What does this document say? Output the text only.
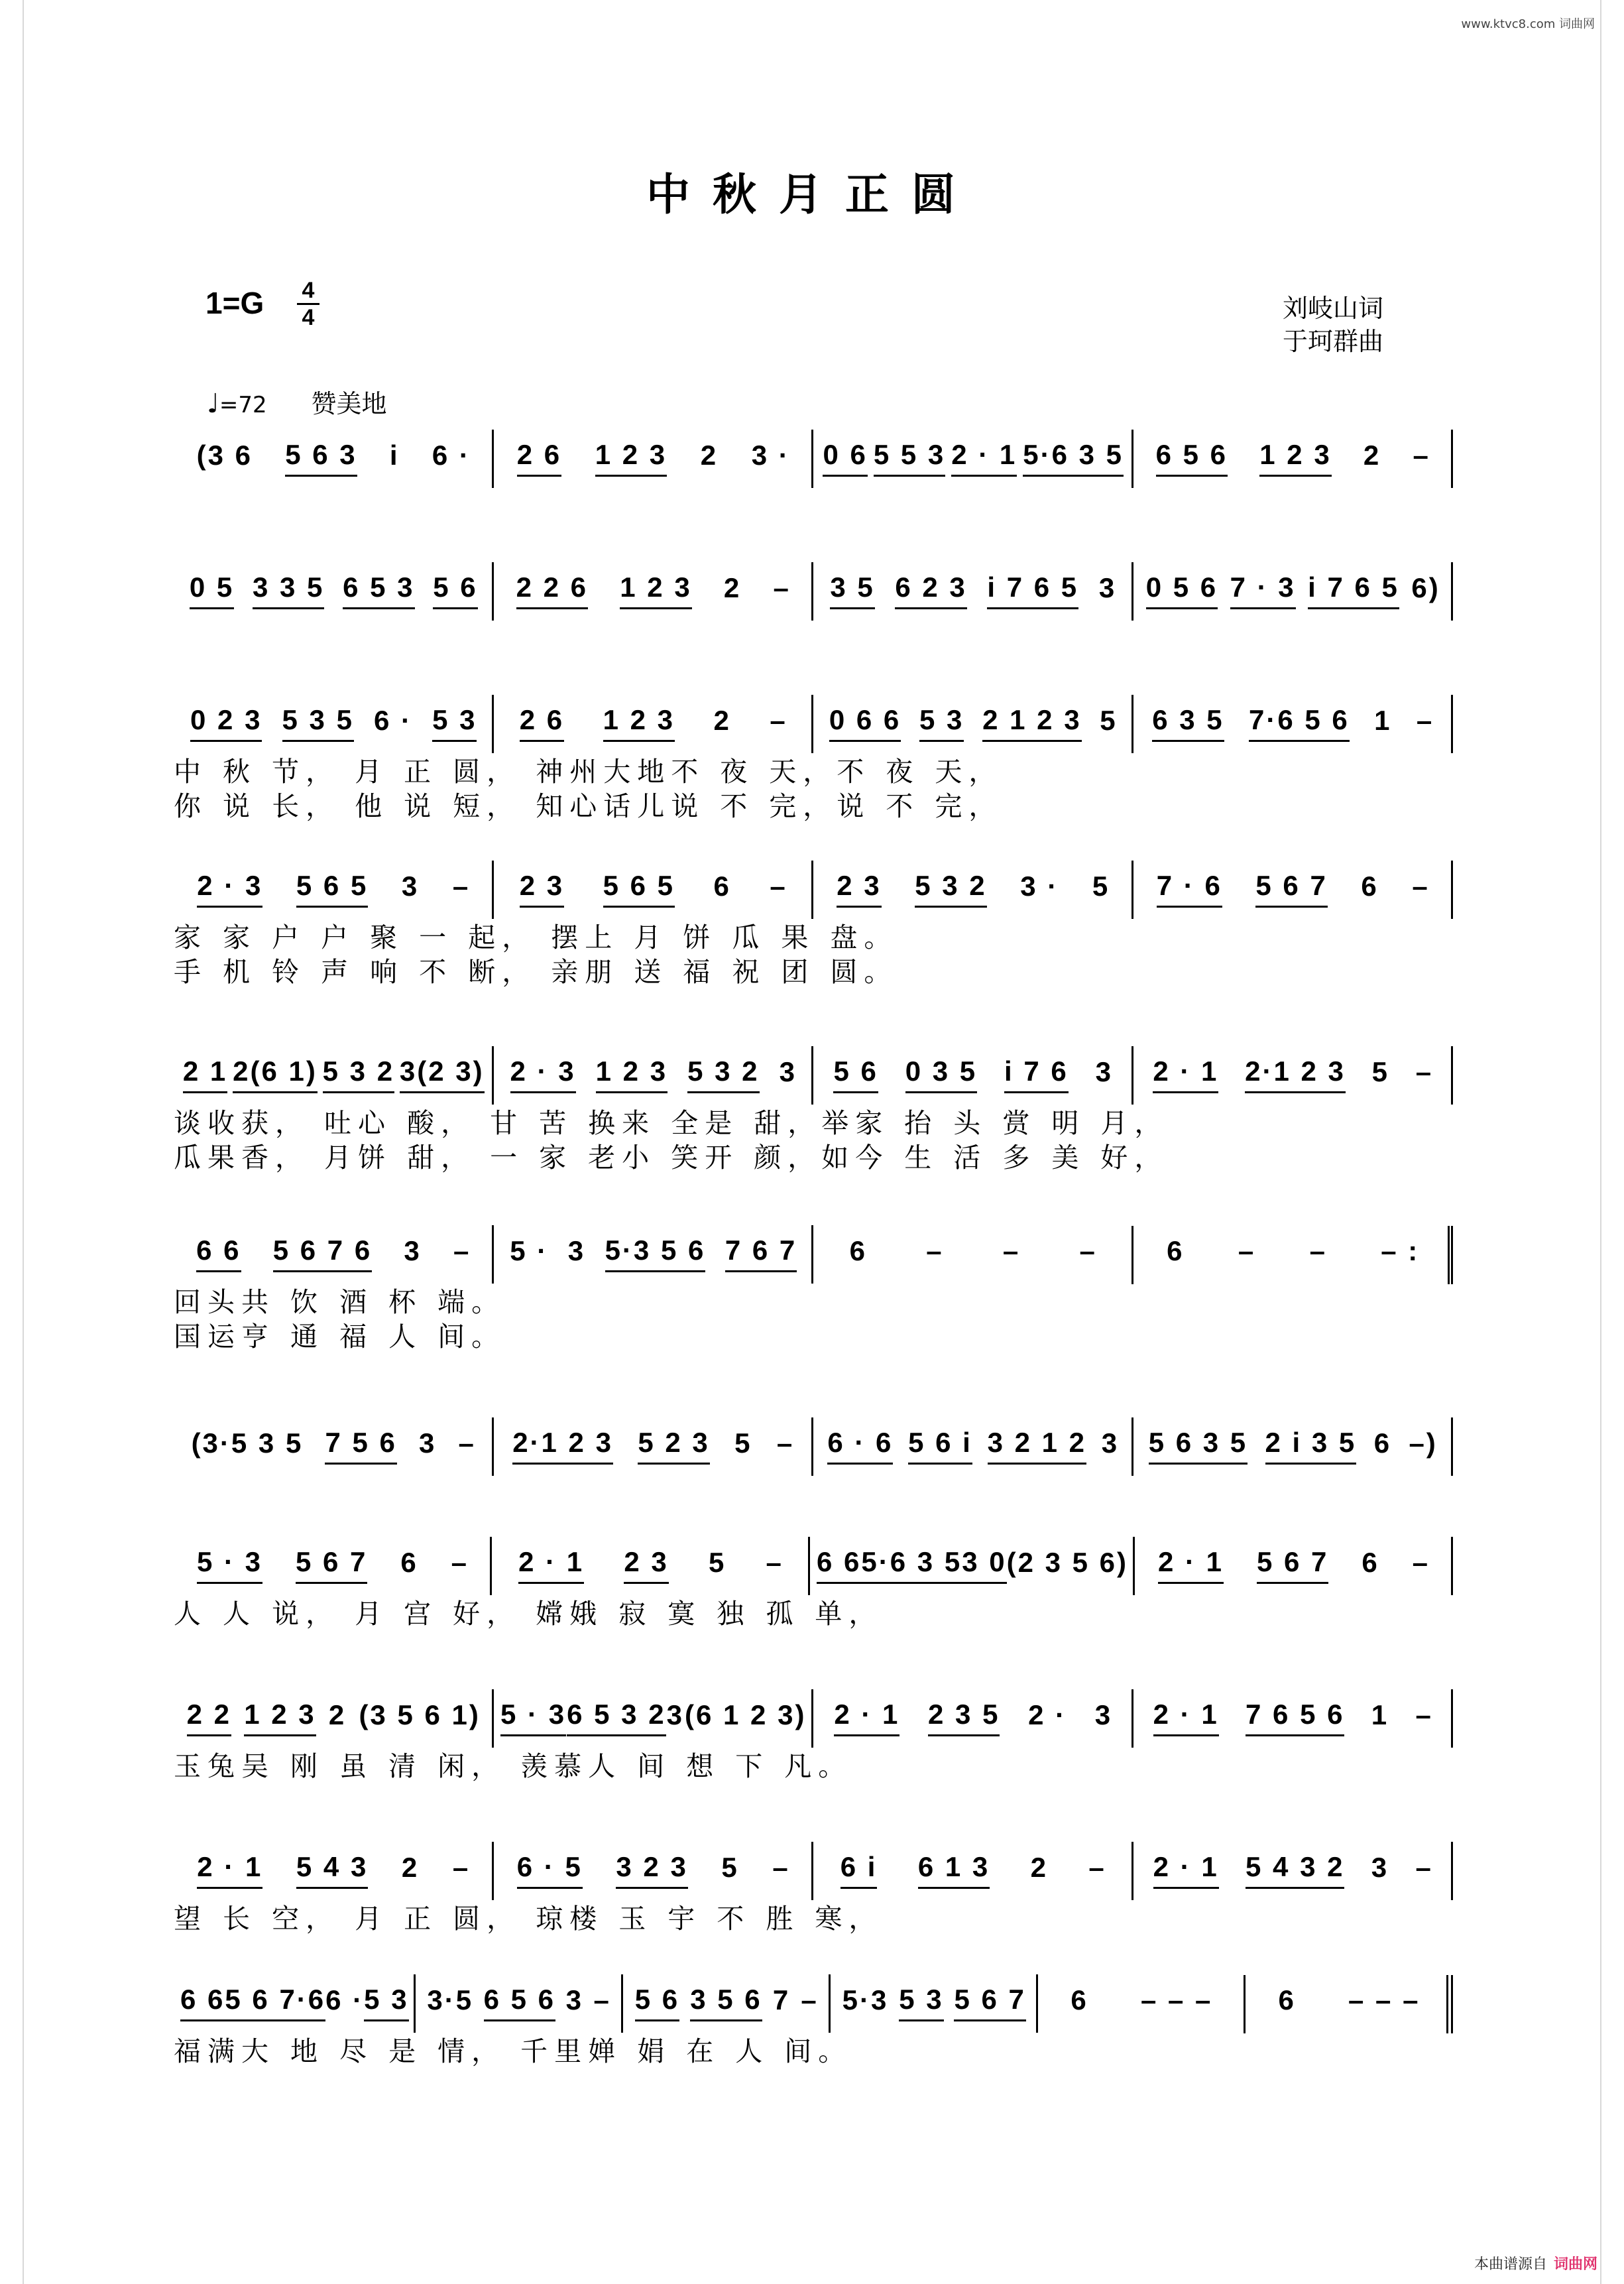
www.ktvc8.com 词曲网
中秋月正圆
1=G 4
4	刘岐山词
于珂群曲
♩=72 赞美地
(3 6 5 6 3 i 6 · 2 6 1 2 3 2 3 · 0 6 5 5 3 2 · 1 5·6 3 5 6 5 6 1 2 3 2 –
0 5 3 3 5 6 5 3 5 6 2 2 6 1 2 3 2 – 3 5 6 2 3 i 7 6 5 3 0 5 6 7 · 3 i 7 6 5 6)
0 2 3 5 3 5 6 · 5 3 2 6 1 2 3 2 – 0 6 6 5 3 2 1 2 3 5 6 3 5 7·6 5 6 1 –
中 秋 节， 月 正 圆， 神州大地不 夜 天，不 夜 天，
你 说 长， 他 说 短， 知心话儿说 不 完，说 不 完，
2 · 3 5 6 5 3 – 2 3 5 6 5 6 – 2 3 5 3 2 3 · 5 7 · 6 5 6 7 6 –
家 家 户 户 聚 一 起， 摆上 月 饼 瓜 果 盘。
手 机 铃 声 响 不 断， 亲朋 送 福 祝 团 圆。
2 1 2(6 1) 5 3 2 3(2 3) 2 · 3 1 2 3 5 3 2 3 5 6 0 3 5 i 7 6 3 2 · 1 2·1 2 3 5 –
谈收获， 吐心 酸， 甘 苦 换来 全是 甜，举家 抬 头 赏 明 月，
瓜果香， 月饼 甜， 一 家 老小 笑开 颜，如今 生 活 多 美 好，
6 6 5 6 7 6 3 – 5 · 3 5·3 5 6 7 6 7 6 – – –	6 – – – :
回头共 饮 酒 杯 端。
国运亨 通 福 人 间。
(3·5 3 5 7 5 6 3 – 2·1 2 3 5 2 3 5 – 6 · 6 5 6 i 3 2 1 2 3 5 6 3 5 2 i 3 5 6 –)
5 · 3 5 6 7 6 – 2 · 1 2 3 5 – 6 6 5·6 3 5 3 0 (2 3 5 6) 2 · 1 5 6 7 6 –
人 人 说， 月 宫 好， 嫦娥 寂 寞 独 孤 单，
2 2 1 2 3 2 (3 5 6 1) 5 · 3 6 5 3 2 3 (6 1 2 3) 2 · 1 2 3 5 2 · 3 2 · 1 7 6 5 6 1 –
玉兔吴 刚 虽 清 闲， 羡慕人 间 想 下 凡。
2 · 1 5 4 3 2 – 6 · 5 3 2 3 5 – 6 i 6 1 3 2 – 2 · 1 5 4 3 2 3 –
望 长 空， 月 正 圆， 琼楼 玉 宇 不 胜 寒，
6 6 5 6 7·6 6 · 5 3 3·5 6 5 6 3 – 5 6 3 5 6 7 – 5·3 5 3 5 6 7 6 – – – 6 – – –
福满大 地 尽 是 情， 千里婵 娟 在 人 间。
本曲谱源自 词曲网
